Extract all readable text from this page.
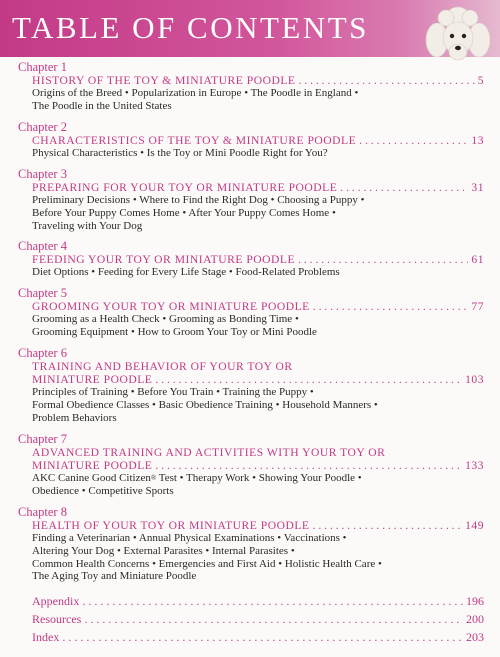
TABLE OF CONTENTS
Chapter 1
HISTORY OF THE TOY & MINIATURE POODLE . . .	5
Origins of the Breed • Popularization in Europe • The Poodle in England •
The Poodle in the United States
Chapter 2
CHARACTERISTICS OF THE TOY & MINIATURE POODLE . . .	13
Physical Characteristics • Is the Toy or Mini Poodle Right for You?
Chapter 3
PREPARING FOR YOUR TOY OR MINIATURE POODLE . . .	31
Preliminary Decisions • Where to Find the Right Dog • Choosing a Puppy •
Before Your Puppy Comes Home • After Your Puppy Comes Home •
Traveling with Your Dog
Chapter 4
FEEDING YOUR TOY OR MINIATURE POODLE . . .	61
Diet Options • Feeding for Every Life Stage • Food-Related Problems
Chapter 5
GROOMING YOUR TOY OR MINIATURE POODLE . . .	77
Grooming as a Health Check • Grooming as Bonding Time •
Grooming Equipment • How to Groom Your Toy or Mini Poodle
Chapter 6
TRAINING AND BEHAVIOR OF YOUR TOY OR
MINIATURE POODLE . . .	103
Principles of Training • Before You Train • Training the Puppy •
Formal Obedience Classes • Basic Obedience Training • Household Manners •
Problem Behaviors
Chapter 7
ADVANCED TRAINING AND ACTIVITIES WITH YOUR TOY OR
MINIATURE POODLE . . .	133
AKC Canine Good Citizen® Test • Therapy Work • Showing Your Poodle •
Obedience • Competitive Sports
Chapter 8
HEALTH OF YOUR TOY OR MINIATURE POODLE . . .	149
Finding a Veterinarian • Annual Physical Examinations • Vaccinations •
Altering Your Dog • External Parasites • Internal Parasites •
Common Health Concerns • Emergencies and First Aid • Holistic Health Care •
The Aging Toy and Miniature Poodle
Appendix . . .	196
Resources . . .	200
Index . . .	203
